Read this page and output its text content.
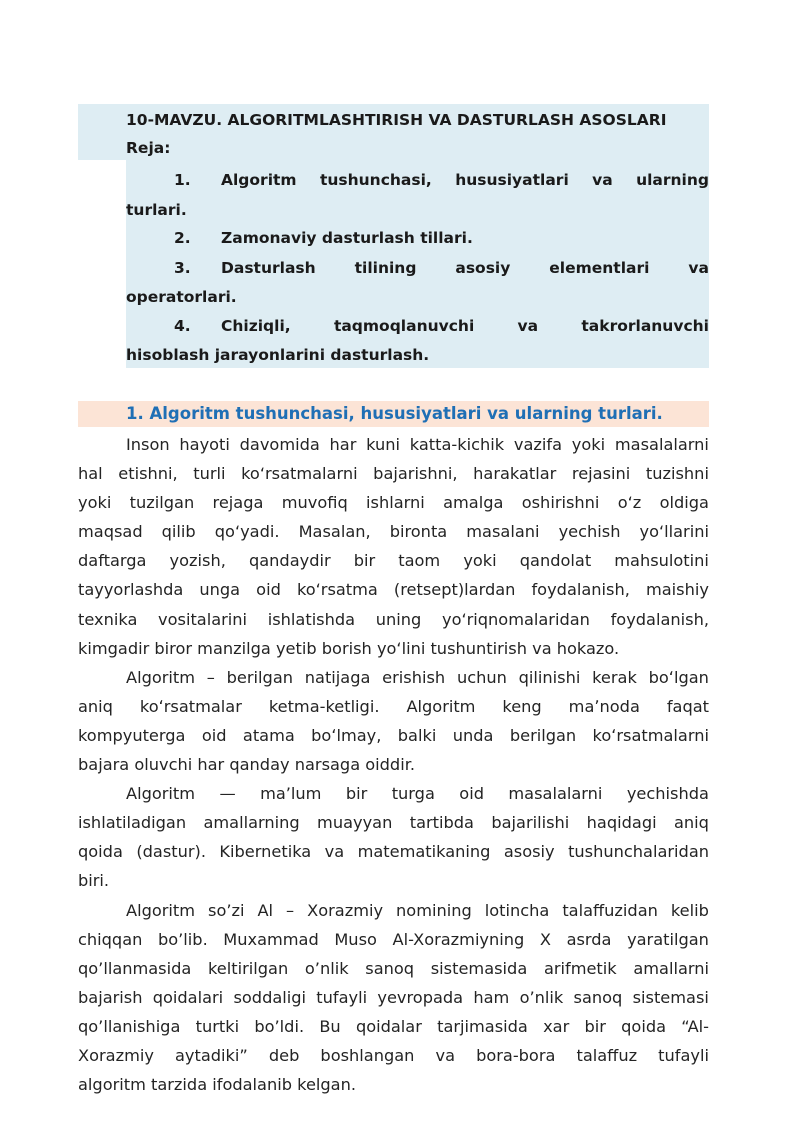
10-MAVZU. ALGORITMLASHTIRISH VA DASTURLASH ASOSLARI
Reja:
1. Algoritm tushunchasi, hususiyatlari va ularning
turlari.
2. Zamonaviy dasturlash tillari.
3. Dasturlash	tilining	asosiy	elementlari	va
operatorlari.
4. Chiziqli,	taqmoqlanuvchi	va	takrorlanuvchi
hisoblash jarayonlarini dasturlash.
1. Algoritm tushunchasi, hususiyatlari va ularning turlari.
Inson hayoti davomida har kuni katta-kichik vazifa yoki masalalarni
hal etishni, turli ko‘rsatmalarni bajarishni, harakatlar rejasini tuzishni
yoki tuzilgan rejaga muvofiq ishlarni amalga oshirishni o‘z oldiga
maqsad qilib qo‘yadi. Masalan, bironta masalani yechish yo‘llarini
daftarga yozish, qandaydir bir taom yoki qandolat mahsulotini
tayyorlashda unga oid ko‘rsatma (retsept)lardan foydalanish, maishiy
texnika vositalarini ishlatishda uning yo‘riqnomalaridan foydalanish,
kimgadir biror manzilga yetib borish yo‘lini tushuntirish va hokazo.
Algoritm – berilgan natijaga erishish uchun qilinishi kerak boʻlgan
aniq koʻrsatmalar ketma-ketligi. Algoritm keng maʼnoda faqat
kompyuterga oid atama boʻlmay, balki unda berilgan koʻrsatmalarni
bajara oluvchi har qanday narsaga oiddir.
Algoritm — ma’lum bir turga oid masalalarni yechishda
ishlatiladigan amallarning muayyan tartibda bajarilishi haqidagi aniq
qoida (dastur). Kibernetika va matematikaning asosiy tushunchalaridan
biri.
Algoritm so’zi Al – Xorazmiy nomining lotincha talaffuzidan kelib
chiqqan bo’lib. Muxammad Muso Al-Xorazmiyning X asrda yaratilgan
qo’llanmasida keltirilgan o’nlik sanoq sistemasida arifmetik amallarni
bajarish qoidalari soddaligi tufayli yevropada ham o’nlik sanoq sistemasi
qo’llanishiga turtki bo’ldi. Bu qoidalar tarjimasida xar bir qoida “Al-
Xorazmiy aytadiki” deb boshlangan va bora-bora talaffuz tufayli
algoritm tarzida ifodalanib kelgan.
